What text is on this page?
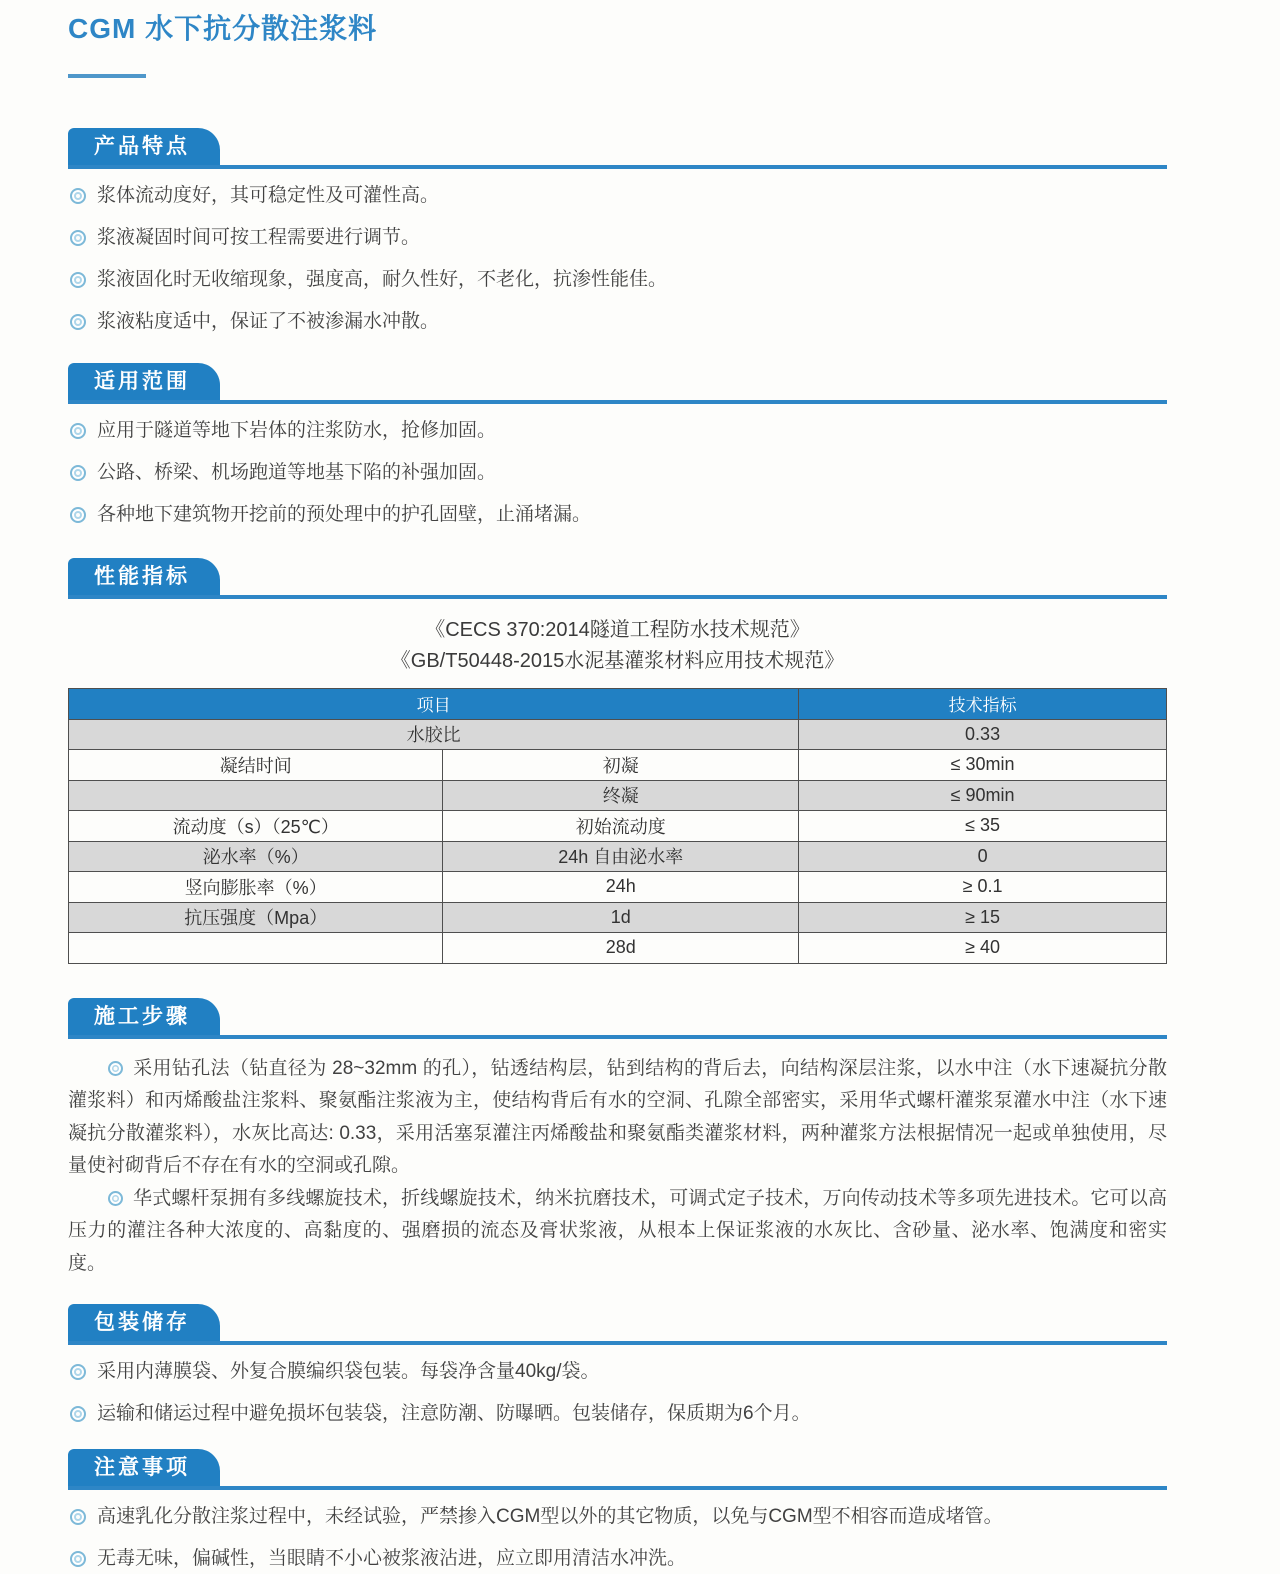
CGM 水下抗分散注浆料
产品特点
浆体流动度好，其可稳定性及可灌性高。
浆液凝固时间可按工程需要进行调节。
浆液固化时无收缩现象，强度高，耐久性好，不老化，抗渗性能佳。
浆液粘度适中，保证了不被渗漏水冲散。
适用范围
应用于隧道等地下岩体的注浆防水，抢修加固。
公路、桥梁、机场跑道等地基下陷的补强加固。
各种地下建筑物开挖前的预处理中的护孔固壁，止涌堵漏。
性能指标
《CECS 370:2014隧道工程防水技术规范》
《GB/T50448-2015水泥基灌浆材料应用技术规范》
项目		技术指标
水胶比		0.33
凝结时间	初凝	≤ 30min
	终凝	≤ 90min
流动度（s）（25℃）	初始流动度	≤ 35
泌水率（%）	24h 自由泌水率	0
竖向膨胀率（%）	24h	≥ 0.1
抗压强度（Mpa）	1d	≥ 15
	28d	≥ 40
施工步骤

采用钻孔法（钻直径为 28~32mm 的孔），钻透结构层，钻到结构的背后去，向结构深层注浆，以水中注（水下速凝抗分散灌浆料）和丙烯酸盐注浆料、聚氨酯注浆液为主，使结构背后有水的空洞、孔隙全部密实，采用华式螺杆灌浆泵灌水中注（水下速凝抗分散灌浆料），水灰比高达: 0.33，采用活塞泵灌注丙烯酸盐和聚氨酯类灌浆材料，两种灌浆方法根据情况一起或单独使用，尽量使衬砌背后不存在有水的空洞或孔隙。

华式螺杆泵拥有多线螺旋技术，折线螺旋技术，纳米抗磨技术，可调式定子技术，万向传动技术等多项先进技术。它可以高压力的灌注各种大浓度的、高黏度的、强磨损的流态及膏状浆液，从根本上保证浆液的水灰比、含砂量、泌水率、饱满度和密实度。

包装储存
采用内薄膜袋、外复合膜编织袋包装。每袋净含量40kg/袋。
运输和储运过程中避免损坏包装袋，注意防潮、防曝晒。包装储存，保质期为6个月。
注意事项
高速乳化分散注浆过程中，未经试验，严禁掺入CGM型以外的其它物质，以免与CGM型不相容而造成堵管。
无毒无味，偏碱性，当眼睛不小心被浆液沾进，应立即用清洁水冲洗。
